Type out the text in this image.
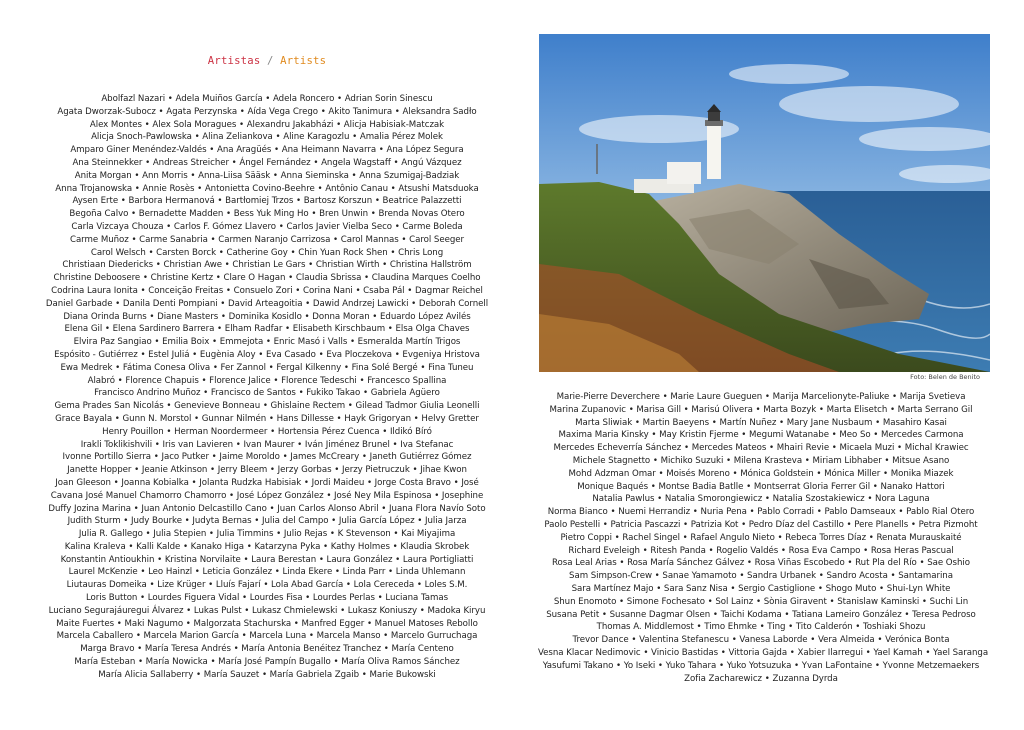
Artistas / Artists
Abolfazl Nazari • Adela Muiños García • Adela Roncero • Adrian Sorin Sinescu
Agata Dworzak-Subocz • Agata Perzynska • Aída Vega Crego • Akito Tanimura • Aleksandra Sadło
Alex Montes • Alex Sola Moragues • Alexandru Jakabházi • Alicja Habisiak-Matczak
Alicja Snoch-Pawlowska • Alina Zeliankova • Aline Karagozlu • Amalia Pérez Molek
Amparo Giner Menéndez-Valdés • Ana Aragüés • Ana Heimann Navarra • Ana López Segura
Ana Steinnekker • Andreas Streicher • Ángel Fernández • Angela Wagstaff • Angú Vázquez
Anita Morgan • Ann Morris • Anna-Liisa Sääsk • Anna Sieminska • Anna Szumigaj-Badziak
Anna Trojanowska • Annie Rosès • Antonietta Covino-Beehre • Antônio Canau • Atsushi Matsduoka
Aysen Erte • Barbora Hermanová • Bartłomiej Trzos • Bartosz Korszun • Beatrice Palazzetti
Begoña Calvo • Bernadette Madden • Bess Yuk Ming Ho • Bren Unwin • Brenda Novas Otero
Carla Vizcaya Chouza • Carlos F. Gómez Llavero • Carlos Javier Vielba Seco • Carme Boleda
Carme Muñoz • Carme Sanabria • Carmen Naranjo Carrizosa • Carol Mannas • Carol Seeger
Carol Welsch • Carsten Borck • Catherine Goy • Chin Yuan Rock Shen • Chris Long
Christiaan Diedericks • Christian Awe • Christian Le Gars • Christian Wirth • Christina Hallström
Christine Deboosere • Christine Kertz • Clare O Hagan • Claudia Sbrissa • Claudina Marques Coelho
Codrina Laura Ionita • Conceição Freitas • Consuelo Zori • Corina Nani • Csaba Pál • Dagmar Reichel
Daniel Garbade • Danila Denti Pompiani • David Arteagoitia • Dawid Andrzej Lawicki • Deborah Cornell
Diana Orinda Burns • Diane Masters • Dominika Kosidlo • Donna Moran • Eduardo López Avilés
Elena Gil • Elena Sardinero Barrera • Elham Radfar • Elisabeth Kirschbaum • Elsa Olga Chaves
Elvira Paz Sangiao • Emilia Boix • Emmejota • Enric Masó i Valls • Esmeralda Martín Trigos
Espósito - Gutiérrez • Estel Juliá • Eugènia Aloy • Eva Casado • Eva Ploczekova • Evgeniya Hristova
Ewa Medrek • Fátima Conesa Oliva • Fer Zannol • Fergal Kilkenny • Fina Solé Bergé • Fina Tuneu
Alabró • Florence Chapuis • Florence Jalice • Florence Tedeschi • Francesco Spallina
Francisco Andrino Muñoz • Francisco de Santos • Fukiko Takao • Gabriela Agüero
Gema Prades San Nicolás • Genevieve Bonneau • Ghislaine Rectem • Gilead Tadmor Giulia Leonelli
Grace Bayala • Gunn N. Morstol • Gunnar Nilmén • Hans Dillesse • Hayk Grigoryan • Helvy Gretter
Henry Pouillon • Herman Noordermeer • Hortensia Pérez Cuenca • Ildikó Bíró
Irakli Toklikishvili • Iris van Lavieren • Ivan Maurer • Iván Jiménez Brunel • Iva Stefanac
Ivonne Portillo Sierra • Jaco Putker • Jaime Moroldo • James McCreary • Janeth Gutiérrez Gómez
Janette Hopper • Jeanie Atkinson • Jerry Bleem • Jerzy Gorbas • Jerzy Pietruczuk • Jihae Kwon
Joan Gleeson • Joanna Kobialka • Jolanta Rudzka Habisiak • Jordi Maideu • Jorge Costa Bravo • José
Cavana José Manuel Chamorro Chamorro • José López González • José Ney Mila Espinosa • Josephine
Duffy Jozina Marina • Juan Antonio Delcastillo Cano • Juan Carlos Alonso Abril • Juana Flora Navío Soto
Judith Sturm • Judy Bourke • Judyta Bernas • Julia del Campo • Julia García López • Julia Jarza
Julia R. Gallego • Julia Stepien • Julia Timmins • Julio Rejas • K Stevenson • Kai Miyajima
Kalina Kraleva • Kalli Kalde • Kanako Higa • Katarzyna Pyka • Kathy Holmes • Klaudia Skrobek
Konstantin Antioukhin • Kristina Norvilaite • Laura Berestan • Laura González • Laura Portigliatti
Laurel McKenzie • Leo Hainzl • Leticia González • Linda Ekere • Linda Parr • Linda Uhlemann
Liutauras Domeika • Lize Krüger • Lluís Fajarí • Lola Abad García • Lola Cereceda • Loles S.M.
Loris Button • Lourdes Figuera Vidal • Lourdes Fisa • Lourdes Perlas • Luciana Tamas
Luciano Segurajáuregui Álvarez • Lukas Pulst • Lukasz Chmielewski • Lukasz Koniuszy • Madoka Kiryu
Maite Fuertes • Maki Nagumo • Malgorzata Stachurska • Manfred Egger • Manuel Matoses Rebollo
Marcela Caballero • Marcela Marion García • Marcela Luna • Marcela Manso • Marcelo Gurruchaga
Marga Bravo • María Teresa Andrés • María Antonia Benéitez Tranchez • María Centeno
María Esteban • María Nowicka • María José Pampín Bugallo • María Oliva Ramos Sánchez
María Alicia Sallaberry • María Sauzet • María Gabriela Zgaib • Marie Bukowski
Foto: Belen de Benito
Marie-Pierre Deverchere • Marie Laure Gueguen • Marija Marcelionyte-Paliuke • Marija Svetieva
Marina Zupanovic • Marisa Gill • Marisú Olivera • Marta Bozyk • Marta Elisetch • Marta Serrano Gil
Marta Sliwiak • Martin Baeyens • Martín Nuñez • Mary Jane Nusbaum • Masahiro Kasai
Maxima Maria Kinsky • May Kristin Fjerme • Megumi Watanabe • Meo So • Mercedes Carmona
Mercedes Echeverría Sánchez • Mercedes Mateos • Mhairi Revie • Micaela Muzi • Michal Krawiec
Michele Stagnetto • Michiko Suzuki • Milena Krasteva • Miriam Libhaber • Mitsue Asano
Mohd Adzman Omar • Moisés Moreno • Mónica Goldstein • Mónica Miller • Monika Miazek
Monique Baqués • Montse Badia Batlle • Montserrat Gloria Ferrer Gil • Nanako Hattori
Natalia Pawlus • Natalia Smorongiewicz • Natalia Szostakiewicz • Nora Laguna
Norma Bianco • Nuemi Herrandiz • Nuria Pena • Pablo Corradi • Pablo Damseaux • Pablo Rial Otero
Paolo Pestelli • Patricia Pascazzi • Patrizia Kot • Pedro Díaz del Castillo • Pere Planells • Petra Pizmoht
Pietro Coppi • Rachel Singel • Rafael Angulo Nieto • Rebeca Torres Díaz • Renata Murauskaité
Richard Eveleigh • Ritesh Panda • Rogelio Valdés • Rosa Eva Campo • Rosa Heras Pascual
Rosa Leal Arias • Rosa María Sánchez Gálvez • Rosa Viñas Escobedo • Rut Pla del Río • Sae Oshio
Sam Simpson-Crew • Sanae Yamamoto • Sandra Urbanek • Sandro Acosta • Santamarina
Sara Martínez Majo • Sara Sanz Nisa • Sergio Castiglione • Shogo Muto • Shui-Lyn White
Shun Enomoto • Simone Fochesato • Sol Lainz • Sònia Giravent • Stanislaw Kaminski • Suchi Lin
Susana Petit • Susanne Dagmar Olsen • Taichi Kodama • Tatiana Lameiro González • Teresa Pedroso
Thomas A. Middlemost • Timo Ehmke • Ting • Tito Calderón • Toshiaki Shozu
Trevor Dance • Valentina Stefanescu • Vanesa Laborde • Vera Almeida • Verónica Bonta
Vesna Klacar Nedimovic • Vinicio Bastidas • Vittoria Gajda • Xabier Ilarregui • Yael Kamah • Yael Saranga
Yasufumi Takano • Yo Iseki • Yuko Tahara • Yuko Yotsuzuka • Yvan LaFontaine • Yvonne Metzemaekers
Zofia Zacharewicz • Zuzanna Dyrda
